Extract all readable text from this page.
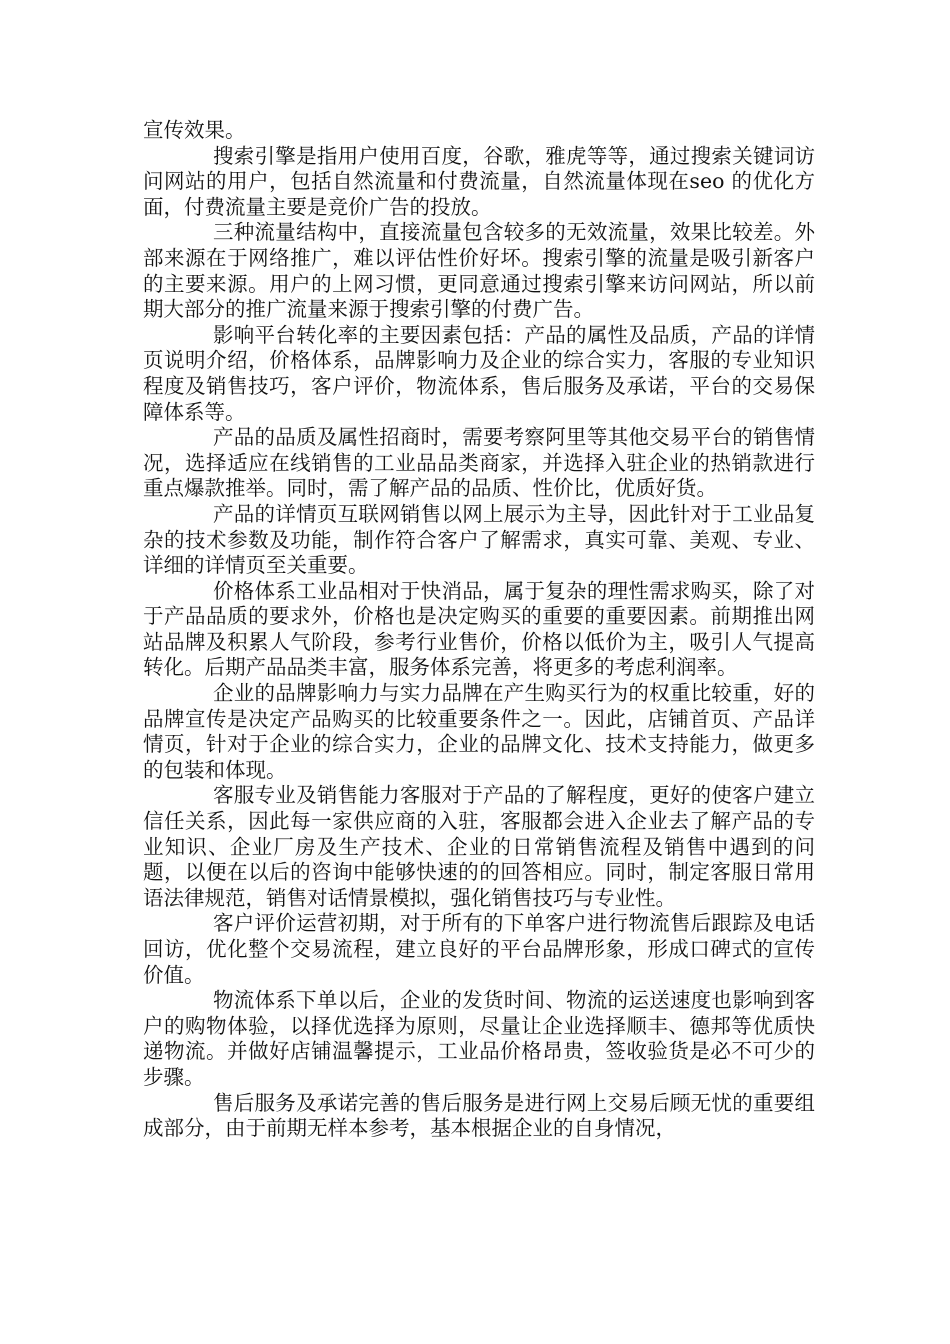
宣传效果。

搜索引擎是指用户使用百度，谷歌，雅虎等等，通过搜索关键词访问网站的用户，包括自然流量和付费流量，自然流量体现在seo 的优化方面，付费流量主要是竞价广告的投放。

三种流量结构中，直接流量包含较多的无效流量，效果比较差。外部来源在于网络推广，难以评估性价好坏。搜索引擎的流量是吸引新客户的主要来源。用户的上网习惯，更同意通过搜索引擎来访问网站，所以前期大部分的推广流量来源于搜索引擎的付费广告。

影响平台转化率的主要因素包括：产品的属性及品质，产品的详情页说明介绍，价格体系，品牌影响力及企业的综合实力，客服的专业知识程度及销售技巧，客户评价，物流体系，售后服务及承诺，平台的交易保障体系等。

产品的品质及属性招商时，需要考察阿里等其他交易平台的销售情况，选择适应在线销售的工业品品类商家，并选择入驻企业的热销款进行重点爆款推举。同时，需了解产品的品质、性价比，优质好货。

产品的详情页互联网销售以网上展示为主导，因此针对于工业品复杂的技术参数及功能，制作符合客户了解需求，真实可靠、美观、专业、详细的详情页至关重要。

价格体系工业品相对于快消品，属于复杂的理性需求购买，除了对于产品品质的要求外，价格也是决定购买的重要的重要因素。前期推出网站品牌及积累人气阶段，参考行业售价，价格以低价为主，吸引人气提高转化。后期产品品类丰富，服务体系完善，将更多的考虑利润率。

企业的品牌影响力与实力品牌在产生购买行为的权重比较重，好的品牌宣传是决定产品购买的比较重要条件之一。因此，店铺首页、产品详情页，针对于企业的综合实力，企业的品牌文化、技术支持能力，做更多的包装和体现。

客服专业及销售能力客服对于产品的了解程度，更好的使客户建立信任关系，因此每一家供应商的入驻，客服都会进入企业去了解产品的专业知识、企业厂房及生产技术、企业的日常销售流程及销售中遇到的问题，以便在以后的咨询中能够快速的的回答相应。同时，制定客服日常用语法律规范，销售对话情景模拟，强化销售技巧与专业性。

客户评价运营初期，对于所有的下单客户进行物流售后跟踪及电话回访，优化整个交易流程，建立良好的平台品牌形象，形成口碑式的宣传价值。

物流体系下单以后，企业的发货时间、物流的运送速度也影响到客户的购物体验，以择优选择为原则，尽量让企业选择顺丰、德邦等优质快递物流。并做好店铺温馨提示，工业品价格昂贵，签收验货是必不可少的步骤。

售后服务及承诺完善的售后服务是进行网上交易后顾无忧的重要组成部分，由于前期无样本参考，基本根据企业的自身情况，
